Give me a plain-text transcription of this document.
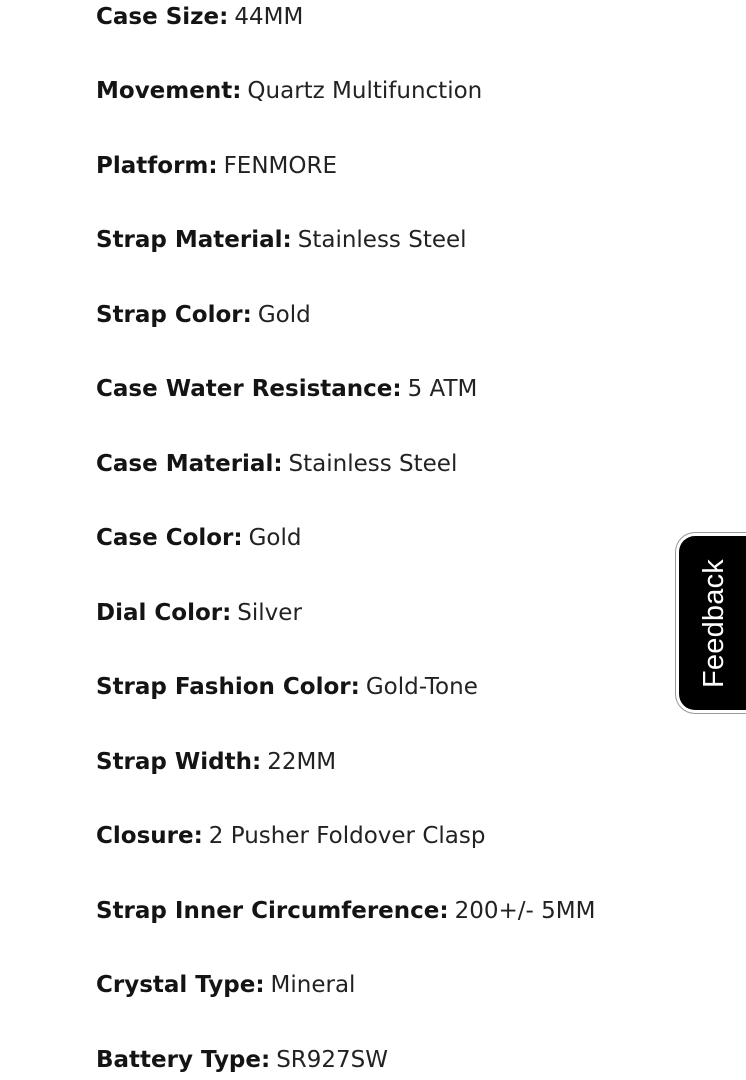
Case Size: 44MM
Movement: Quartz Multifunction
Platform: FENMORE
Strap Material: Stainless Steel
Strap Color: Gold
Case Water Resistance: 5 ATM
Case Material: Stainless Steel
Case Color: Gold
Dial Color: Silver
Strap Fashion Color: Gold-Tone
Strap Width: 22MM
Closure: 2 Pusher Foldover Clasp
Strap Inner Circumference: 200+/- 5MM
Crystal Type: Mineral
Battery Type: SR927SW
Feedback
